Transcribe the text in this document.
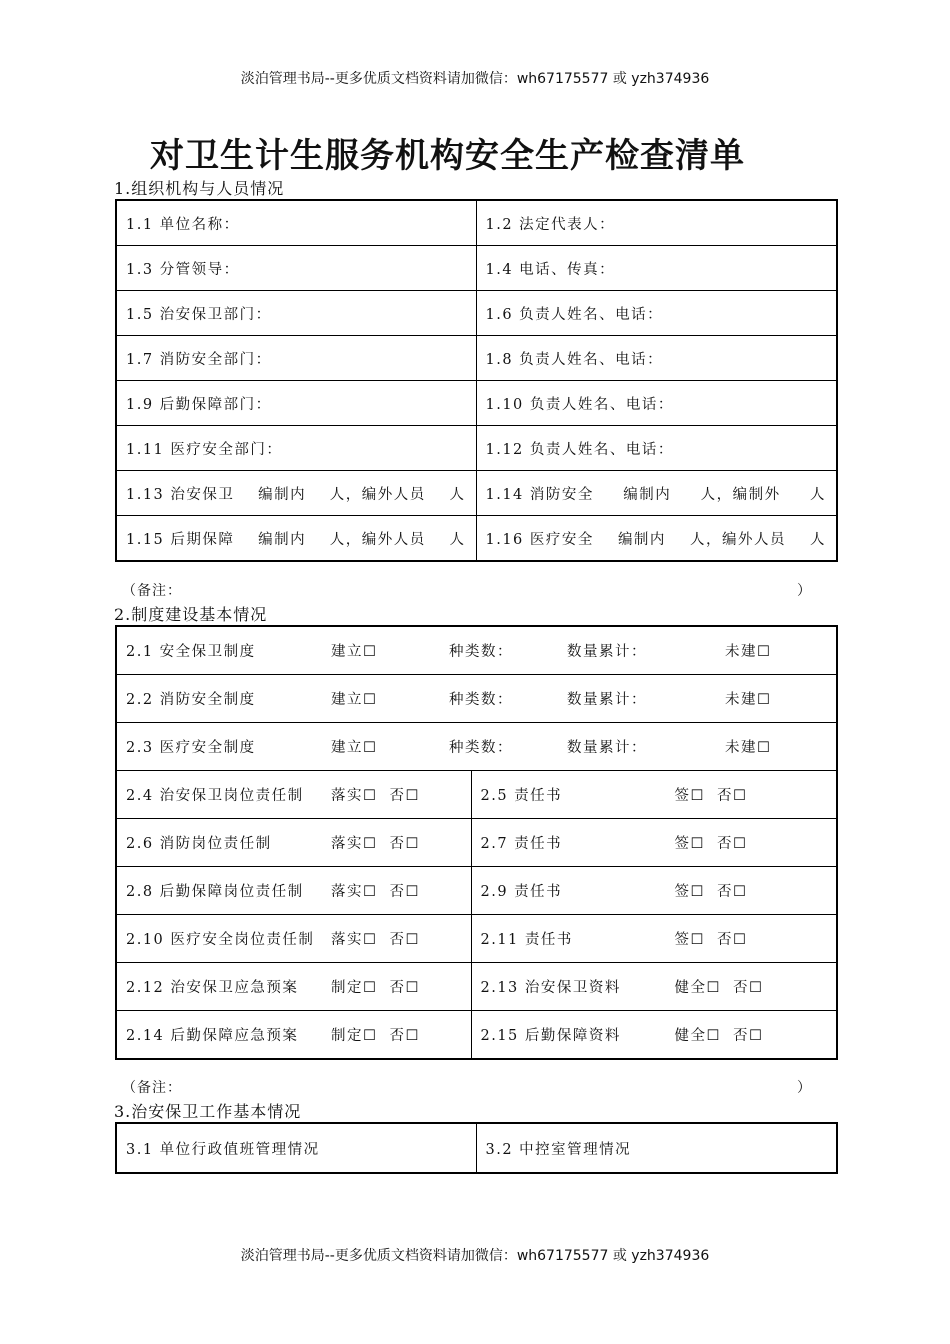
淡泊管理书局--更多优质文档资料请加微信：wh67175577 或 yzh374936
对卫生计生服务机构安全生产检查清单
1.组织机构与人员情况
1.1 单位名称：	1.2 法定代表人：
1.3 分管领导：	1.4 电话、传真：
1.5 治安保卫部门：	1.6 负责人姓名、电话：
1.7 消防安全部门：	1.8 负责人姓名、电话：
1.9 后勤保障部门：	1.10 负责人姓名、电话：
1.11 医疗安全部门：	1.12 负责人姓名、电话：

1.13 治安保卫 编制内 人，编外人员 人	1.14 消防安全 编制内 人，编制外 人

1.15 后期保障 编制内 人，编外人员 人	1.16 医疗安全 编制内 人，编外人员 人
（备注：	）
2.制度建设基本情况
2.1 安全保卫制度 建立☐ 种类数： 数量累计： 未建☐	
2.2 消防安全制度 建立☐ 种类数： 数量累计： 未建☐	
2.3 医疗安全制度 建立☐ 种类数： 数量累计： 未建☐	
2.4 治安保卫岗位责任制 落实☐ 否☐	2.5 责任书 签☐ 否☐
2.6 消防岗位责任制 落实☐ 否☐	2.7 责任书 签☐ 否☐
2.8 后勤保障岗位责任制 落实☐ 否☐	2.9 责任书 签☐ 否☐
2.10 医疗安全岗位责任制 落实☐ 否☐	2.11 责任书 签☐ 否☐
2.12 治安保卫应急预案 制定☐ 否☐	2.13 治安保卫资料 健全☐ 否☐
2.14 后勤保障应急预案 制定☐ 否☐	2.15 后勤保障资料 健全☐ 否☐
（备注：	）
3.治安保卫工作基本情况
3.1 单位行政值班管理情况	3.2 中控室管理情况
淡泊管理书局--更多优质文档资料请加微信：wh67175577 或 yzh374936
